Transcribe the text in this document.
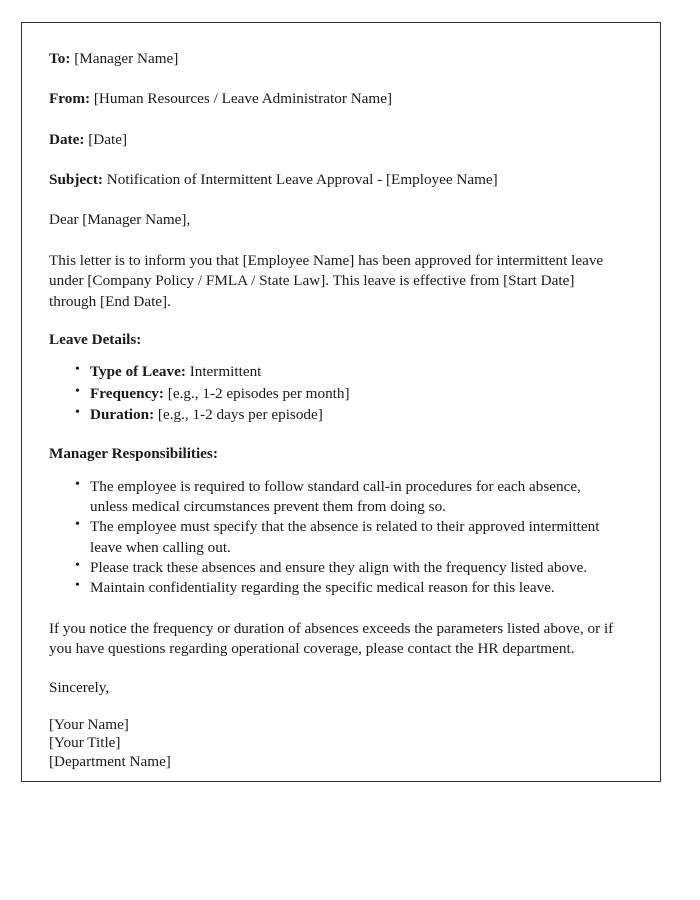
To: [Manager Name]

From: [Human Resources / Leave Administrator Name]

Date: [Date]

Subject: Notification of Intermittent Leave Approval - [Employee Name]

Dear [Manager Name],

This letter is to inform you that [Employee Name] has been approved for intermittent leave under [Company Policy / FMLA / State Law]. This leave is effective from [Start Date] through [End Date].

Leave Details:

• Type of Leave: Intermittent
• Frequency: [e.g., 1-2 episodes per month]
• Duration: [e.g., 1-2 days per episode]

Manager Responsibilities:

• The employee is required to follow standard call-in procedures for each absence, unless medical circumstances prevent them from doing so.
• The employee must specify that the absence is related to their approved intermittent leave when calling out.
• Please track these absences and ensure they align with the frequency listed above.
• Maintain confidentiality regarding the specific medical reason for this leave.

If you notice the frequency or duration of absences exceeds the parameters listed above, or if you have questions regarding operational coverage, please contact the HR department.

Sincerely,

[Your Name]
[Your Title]
[Department Name]
